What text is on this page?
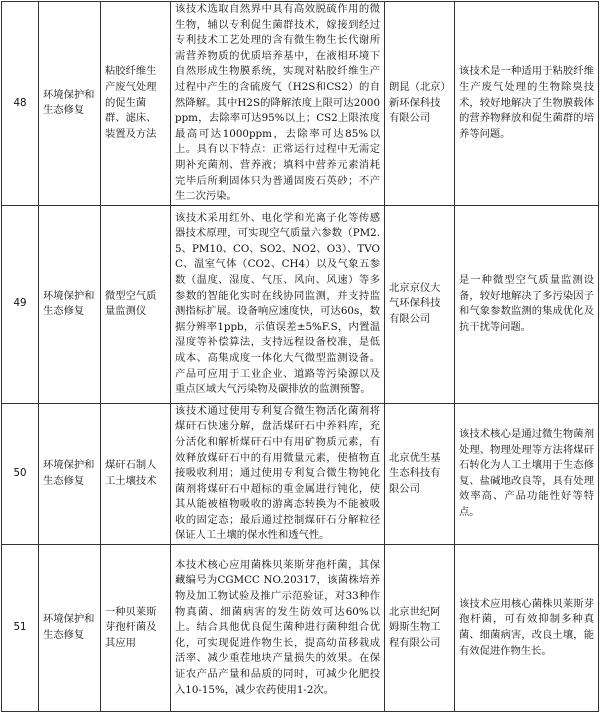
48	环境保护和生态修复	粘胶纤维生产废气处理的促生菌群、滤床、装置及方法	该技术选取自然界中具有高效脱硫作用的微生物，辅以专利促生菌群技术，嫁接到经过专利技术工艺处理的含有微生物生长代谢所需营养物质的优质培养基中，在液相环境下自然形成生物膜系统，实现对粘胶纤维生产过程中产生的含硫废气（H2S和CS2）的自然降解。其中H2S的降解浓度上限可达2000ppm，去除率可达95%以上；CS2上限浓度最高可达1000ppm，去除率可达85%以上。具有以下特点：正常运行过程中无需定期补充菌剂、营养液；填料中营养元素消耗完毕后所剩固体只为普通固废石英砂；不产生二次污染。	朗昆（北京）新环保科技有限公司	该技术是一种适用于粘胶纤维生产废气处理的生物除臭技术，较好地解决了生物膜载体的营养物释放和促生菌群的培养等问题。
49	环境保护和生态修复	微型空气质量监测仪	该技术采用红外、电化学和光离子化等传感器技术原理，可实现空气质量六参数（PM2.5、PM10、CO、SO2、NO2、O3）、TVOC、温室气体（CO2、CH4）以及气象五参数（温度、湿度、气压、风向、风速）等多参数的智能化实时在线协同监测，并支持监测指标扩展。设备响应速度快，可达60s，数据分辨率1ppb，示值误差±5%F.S，内置温湿度等补偿算法，支持远程设备校准，是低成本、高集成度一体化大气微型监测设备。产品可应用于工业企业、道路等污染源以及重点区域大气污染物及碳排放的监测预警。	北京京仪大气环保科技有限公司	是一种微型空气质量监测设备，较好地解决了多污染因子和气象参数监测的集成优化及抗干扰等问题。
50	环境保护和生态修复	煤矸石制人工土壤技术	该技术通过使用专利复合微生物活化菌剂将煤矸石快速分解，盘活煤矸石中养料库，充分活化和解析煤矸石中有用矿物质元素，有效释放煤矸石中的有用微量元素，使植物直接吸收利用；通过使用专利复合微生物钝化菌剂将煤矸石中超标的重金属进行钝化，使其从能被植物吸收的游离态转换为不能被吸收的固定态；最后通过控制煤矸石分解粒径保证人工土壤的保水性和透气性。	北京优生基生态科技有限公司	该技术核心是通过微生物菌剂处理、物理处理等方法将煤矸石转化为人工土壤用于生态修复、盐碱地改良等，具有处理效率高、产品功能性好等特点。
51	环境保护和生态修复	一种贝莱斯芽孢杆菌及其应用	本技术核心应用菌株贝莱斯芽孢杆菌，其保藏编号为CGMCC NO.20317，该菌株培养物及加工物试验及推广示范验证，对33种作物真菌、细菌病害的发生防效可达60%以上。结合具他优良促生菌种进行菌种组合优化，可实现促进作物生长，提高幼苗移栽成活率、减少重茬地块产量损失的效果。在保证农产品产量和品质的同时，可减少化肥投入10-15%，减少农药使用1-2次。	北京世纪阿姆斯生物工程有限公司	该技术应用核心菌株贝莱斯芽孢杆菌，可有效抑制多种真菌、细菌病害，改良土壤，能有效促进作物生长。
